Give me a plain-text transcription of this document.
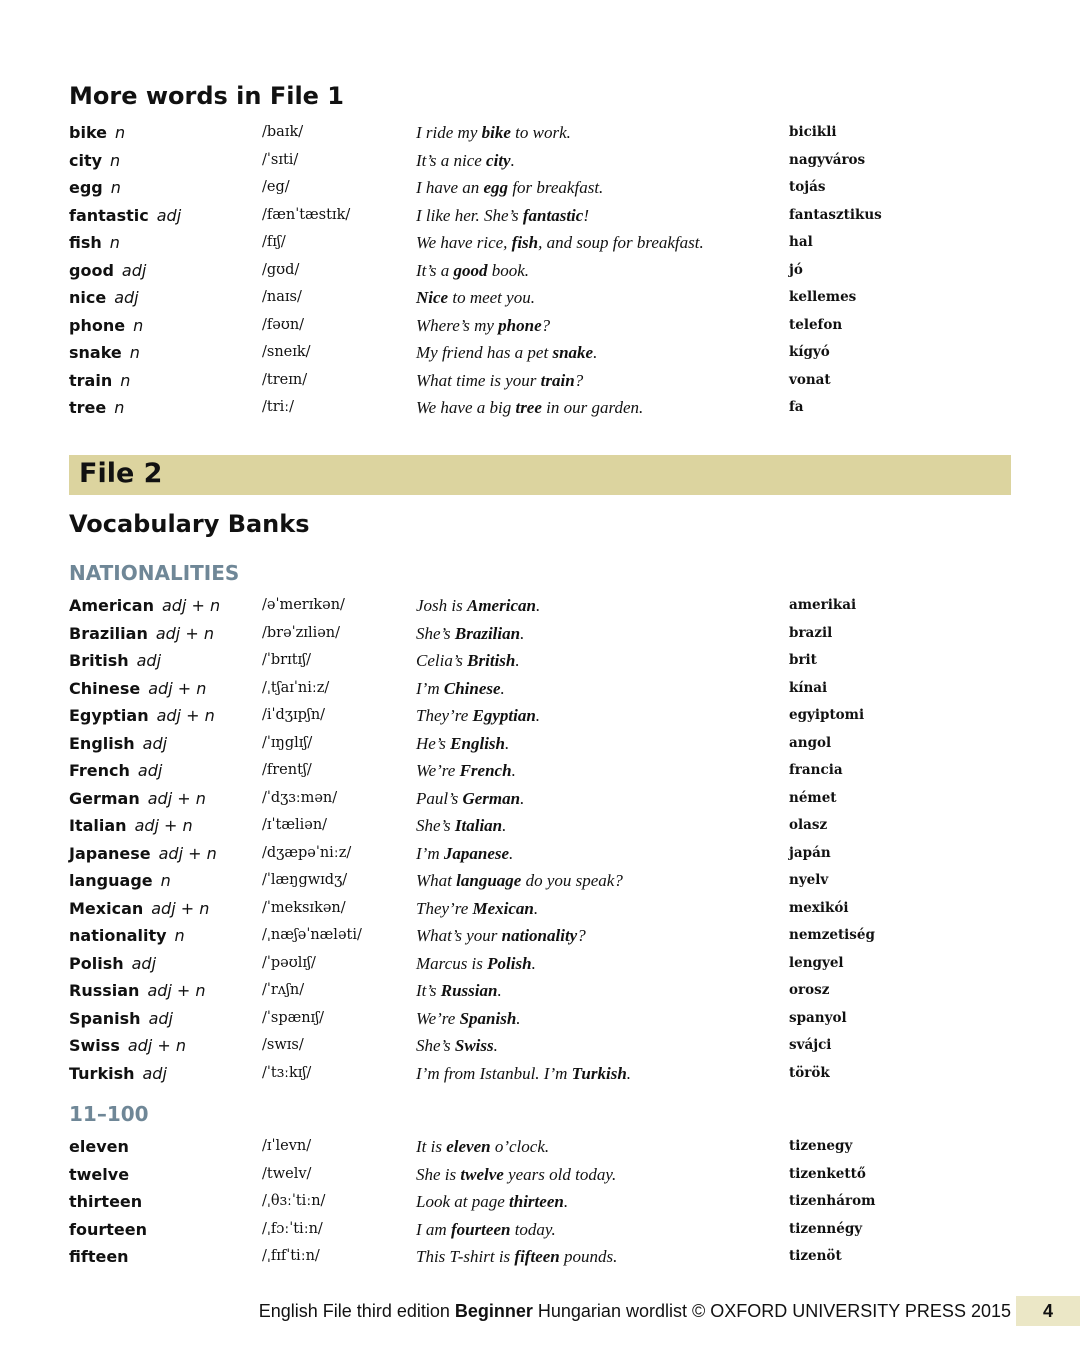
More words in File 1
bike n	/baɪk/	I ride my bike to work.	bicikli
city n	/ˈsɪti/	It’s a nice city.	nagyváros
egg n	/eg/	I have an egg for breakfast.	tojás
fantastic adj	/fænˈtæstɪk/	I like her. She’s fantastic!	fantasztikus
fish n	/fɪʃ/	We have rice, fish, and soup for breakfast.	hal
good adj	/gʊd/	It’s a good book.	jó
nice adj	/naɪs/	Nice to meet you.	kellemes
phone n	/fəʊn/	Where’s my phone?	telefon
snake n	/sneɪk/	My friend has a pet snake.	kígyó
train n	/treɪn/	What time is your train?	vonat
tree n	/triː/	We have a big tree in our garden.	fa
File 2
Vocabulary Banks
NATIONALITIES
American adj + n	/əˈmerɪkən/	Josh is American.	amerikai
Brazilian adj + n	/brəˈzɪliən/	She’s Brazilian.	brazil
British adj	/ˈbrɪtɪʃ/	Celia’s British.	brit
Chinese adj + n	/ˌtʃaɪˈniːz/	I’m Chinese.	kínai
Egyptian adj + n	/iˈdʒɪpʃn/	They’re Egyptian.	egyiptomi
English adj	/ˈɪŋglɪʃ/	He’s English.	angol
French adj	/frentʃ/	We’re French.	francia
German adj + n	/ˈdʒɜːmən/	Paul’s German.	német
Italian adj + n	/ɪˈtæliən/	She’s Italian.	olasz
Japanese adj + n	/dʒæpəˈniːz/	I’m Japanese.	japán
language n	/ˈlæŋgwɪdʒ/	What language do you speak?	nyelv
Mexican adj + n	/ˈmeksɪkən/	They’re Mexican.	mexikói
nationality n	/ˌnæʃəˈnæləti/	What’s your nationality?	nemzetiség
Polish adj	/ˈpəʊlɪʃ/	Marcus is Polish.	lengyel
Russian adj + n	/ˈrʌʃn/	It’s Russian.	orosz
Spanish adj	/ˈspænɪʃ/	We’re Spanish.	spanyol
Swiss adj + n	/swɪs/	She’s Swiss.	svájci
Turkish adj	/ˈtɜːkɪʃ/	I’m from Istanbul. I’m Turkish.	török
11–100
eleven	/ɪˈlevn/	It is eleven o’clock.	tizenegy
twelve	/twelv/	She is twelve years old today.	tizenkettő
thirteen	/ˌθɜːˈtiːn/	Look at page thirteen.	tizenhárom
fourteen	/ˌfɔːˈtiːn/	I am fourteen today.	tizennégy
fifteen	/ˌfɪfˈtiːn/	This T-shirt is fifteen pounds.	tizenöt
English File third edition Beginner Hungarian wordlist © OXFORD UNIVERSITY PRESS 2015	4
